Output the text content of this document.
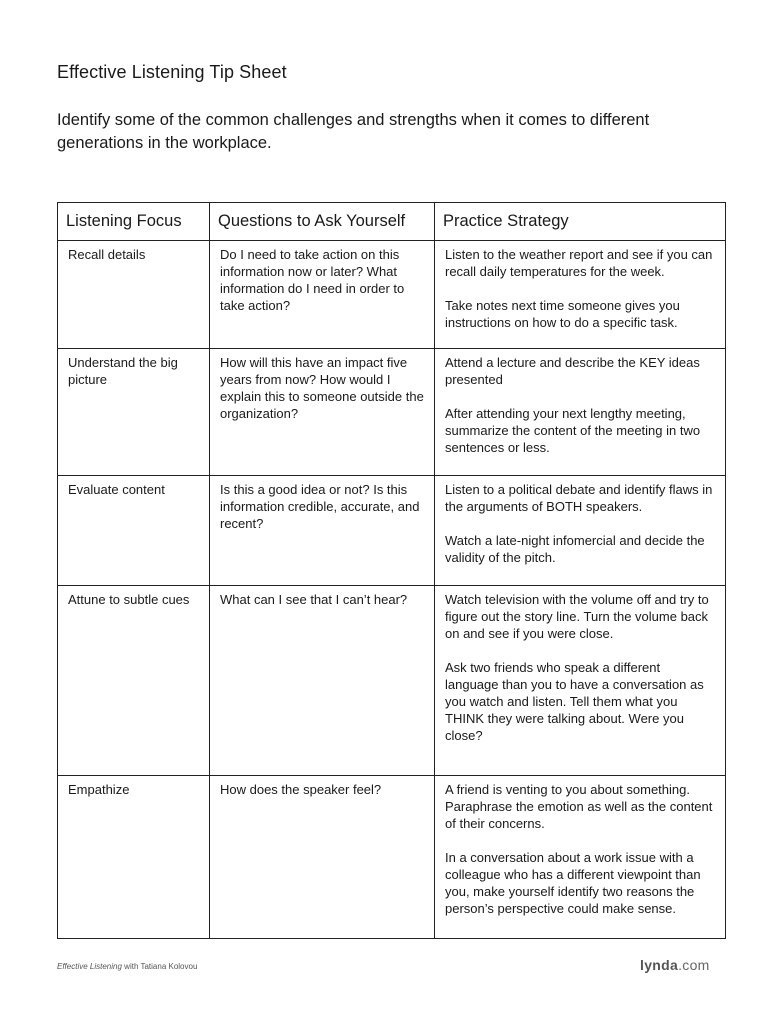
Effective Listening Tip Sheet
Identify some of the common challenges and strengths when it comes to different generations in the workplace.
Listening Focus	Questions to Ask Yourself	Practice Strategy
Recall details	Do I need to take action on this information now or later? What information do I need in order to take action?	Listen to the weather report and see if you can recall daily temperatures for the week.

Take notes next time someone gives you instructions on how to do a specific task.

Understand the big picture	How will this have an impact five years from now? How would I explain this to someone outside the organization?	Attend a lecture and describe the KEY ideas presented

After attending your next lengthy meeting, summarize the content of the meeting in two sentences or less.

Evaluate content	Is this a good idea or not? Is this information credible, accurate, and recent?	Listen to a political debate and identify flaws in the arguments of BOTH speakers.

Watch a late-night infomercial and decide the validity of the pitch.

Attune to subtle cues	What can I see that I can’t hear?	Watch television with the volume off and try to figure out the story line. Turn the volume back on and see if you were close.

Ask two friends who speak a different language than you to have a conversation as you watch and listen. Tell them what you THINK they were talking about. Were you close?

Empathize	How does the speaker feel?	A friend is venting to you about something. Paraphrase the emotion as well as the content of their concerns.

In a conversation about a work issue with a colleague who has a different viewpoint than you, make yourself identify two reasons the person’s perspective could make sense.

Effective Listening with Tatiana Kolovou	lynda.com
